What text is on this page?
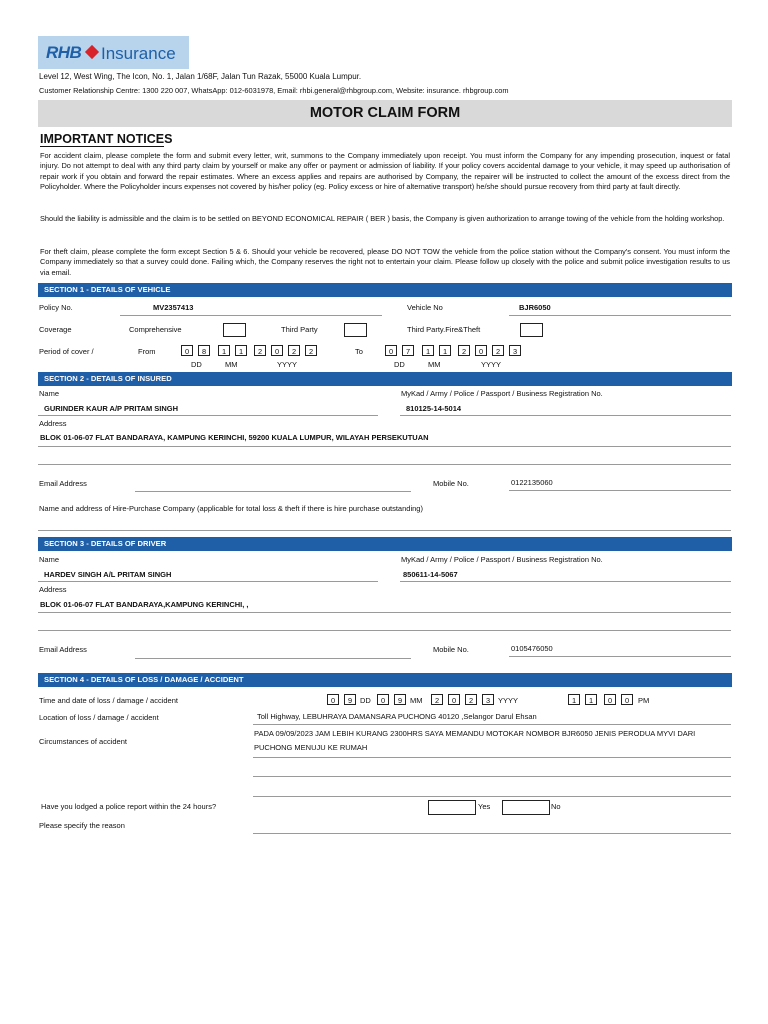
RHB Insurance
Level 12, West Wing, The Icon, No. 1, Jalan 1/68F, Jalan Tun Razak, 55000 Kuala Lumpur.
Customer Relationship Centre: 1300 220 007, WhatsApp: 012-6031978, Email: rhbi.general@rhbgroup.com, Website: insurance. rhbgroup.com
MOTOR CLAIM FORM
IMPORTANT NOTICES
For accident claim, please complete the form and submit every letter, writ, summons to the Company immediately upon receipt. You must inform the Company for any impending prosecution, inquest or fatal injury. Do not attempt to deal with any third party claim by yourself or make any offer or payment or admission of liability. If your policy covers accidental damage to your vehicle, it may speed up authorisation of repair work if you obtain and forward the repair estimates. Where an excess applies and repairs are authorised by Company, the repairer will be instructed to collect the amount of the excess direct from the Policyholder. Where the Policyholder incurs expenses not covered by his/her policy (eg. Policy excess or hire of alternative transport) he/she should pursue recovery from third party at fault directly.
Should the liability is admissible and the claim is to be settled on BEYOND ECONOMICAL REPAIR ( BER ) basis, the Company is given authorization to arrange towing of the vehicle from the holding workshop.
For theft claim, please complete the form except Section 5 & 6. Should your vehicle be recovered, please DO NOT TOW the vehicle from the police station without the Company's consent. You must inform the Company immediately so that a survey could done. Failing which, the Company reserves the right not to entertain your claim. Please follow up closely with the police and submit police investigation results to us via email.
SECTION 1 - DETAILS OF VEHICLE
Policy No.	MV2357413	Vehicle No	BJR6050
Coverage	Comprehensive	Third Party	Third Party.Fire&Theft
Period of cover /	From	0	8	1	1	2	0	2	2
DD	MM	YYYY
To	0	7	1	1	2	0	2	3
DD	MM	YYYY
SECTION 2 - DETAILS OF INSURED
Name
GURINDER KAUR A/P PRITAM SINGH
MyKad / Army / Police / Passport / Business Registration No.
810125-14-5014
Address
BLOK 01-06-07 FLAT BANDARAYA, KAMPUNG KERINCHI, 59200 KUALA LUMPUR, WILAYAH PERSEKUTUAN
Email Address	Mobile No.	0122135060
Name and address of Hire-Purchase Company (applicable for total loss & theft if there is hire purchase outstanding)
SECTION 3 - DETAILS OF DRIVER
Name
HARDEV SINGH A/L PRITAM SINGH
MyKad / Army / Police / Passport / Business Registration No.
850611-14-5067
Address
BLOK 01-06-07 FLAT BANDARAYA,KAMPUNG KERINCHI, ,
Email Address	Mobile No.	0105476050
SECTION 4 - DETAILS OF LOSS / DAMAGE / ACCIDENT
Time and date of loss / damage / accident	0	9	DD	0	9	MM	2	0	2	3	YYYY	1	1	0	0	PM
Location of loss / damage / accident	Toll Highway, LEBUHRAYA DAMANSARA PUCHONG 40120 ,Selangor Darul Ehsan
Circumstances of accident
PADA 09/09/2023 JAM LEBIH KURANG 2300HRS SAYA MEMANDU MOTOKAR NOMBOR BJR6050 JENIS PERODUA MYVI DARI
PUCHONG MENUJU KE RUMAH
Have you lodged a police report within the 24 hours?	Yes	No
Please specify the reason
